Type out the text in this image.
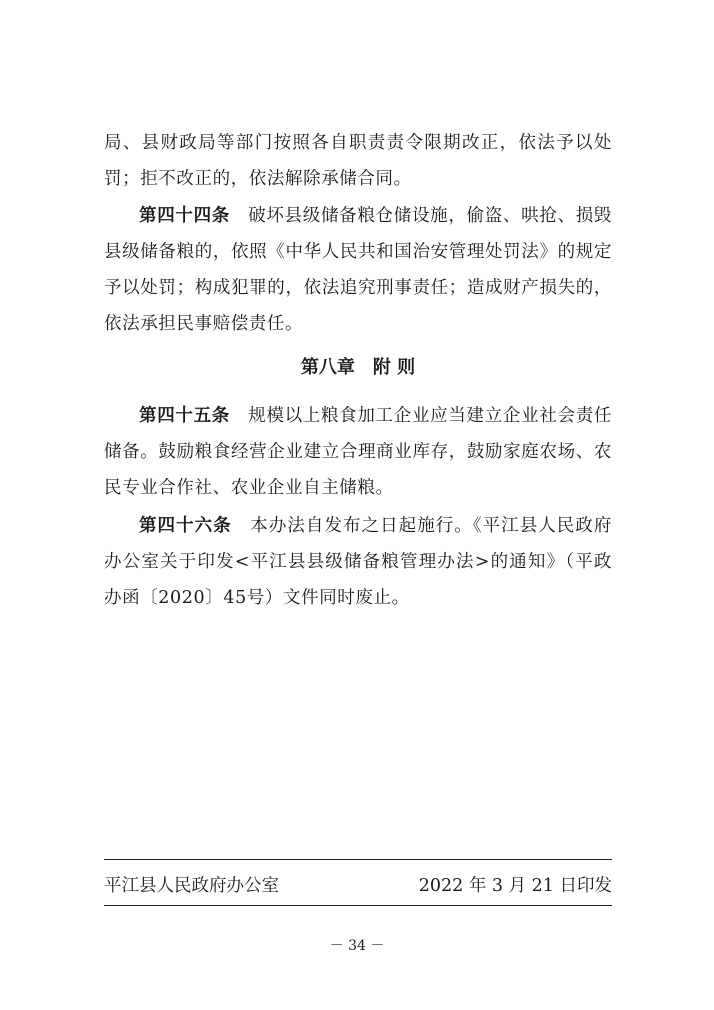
局、县财政局等部门按照各自职责责令限期改正，依法予以处罚；拒不改正的，依法解除承储合同。

第四十四条　 破坏县级储备粮仓储设施，偷盗、哄抢、损毁县级储备粮的，依照《中华人民共和国治安管理处罚法》的规定予以处罚；构成犯罪的，依法追究刑事责任；造成财产损失的，依法承担民事赔偿责任。

第八章　附 则

第四十五条　 规模以上粮食加工企业应当建立企业社会责任储备。鼓励粮食经营企业建立合理商业库存，鼓励家庭农场、农民专业合作社、农业企业自主储粮。

第四十六条　 本办法自发布之日起施行。《平江县人民政府办公室关于印发<平江县县级储备粮管理办法>的通知》（平政办函〔2020〕45号）文件同时废止。

平江县人民政府办公室	2022 年 3 月 21 日印发
－ 34 －
